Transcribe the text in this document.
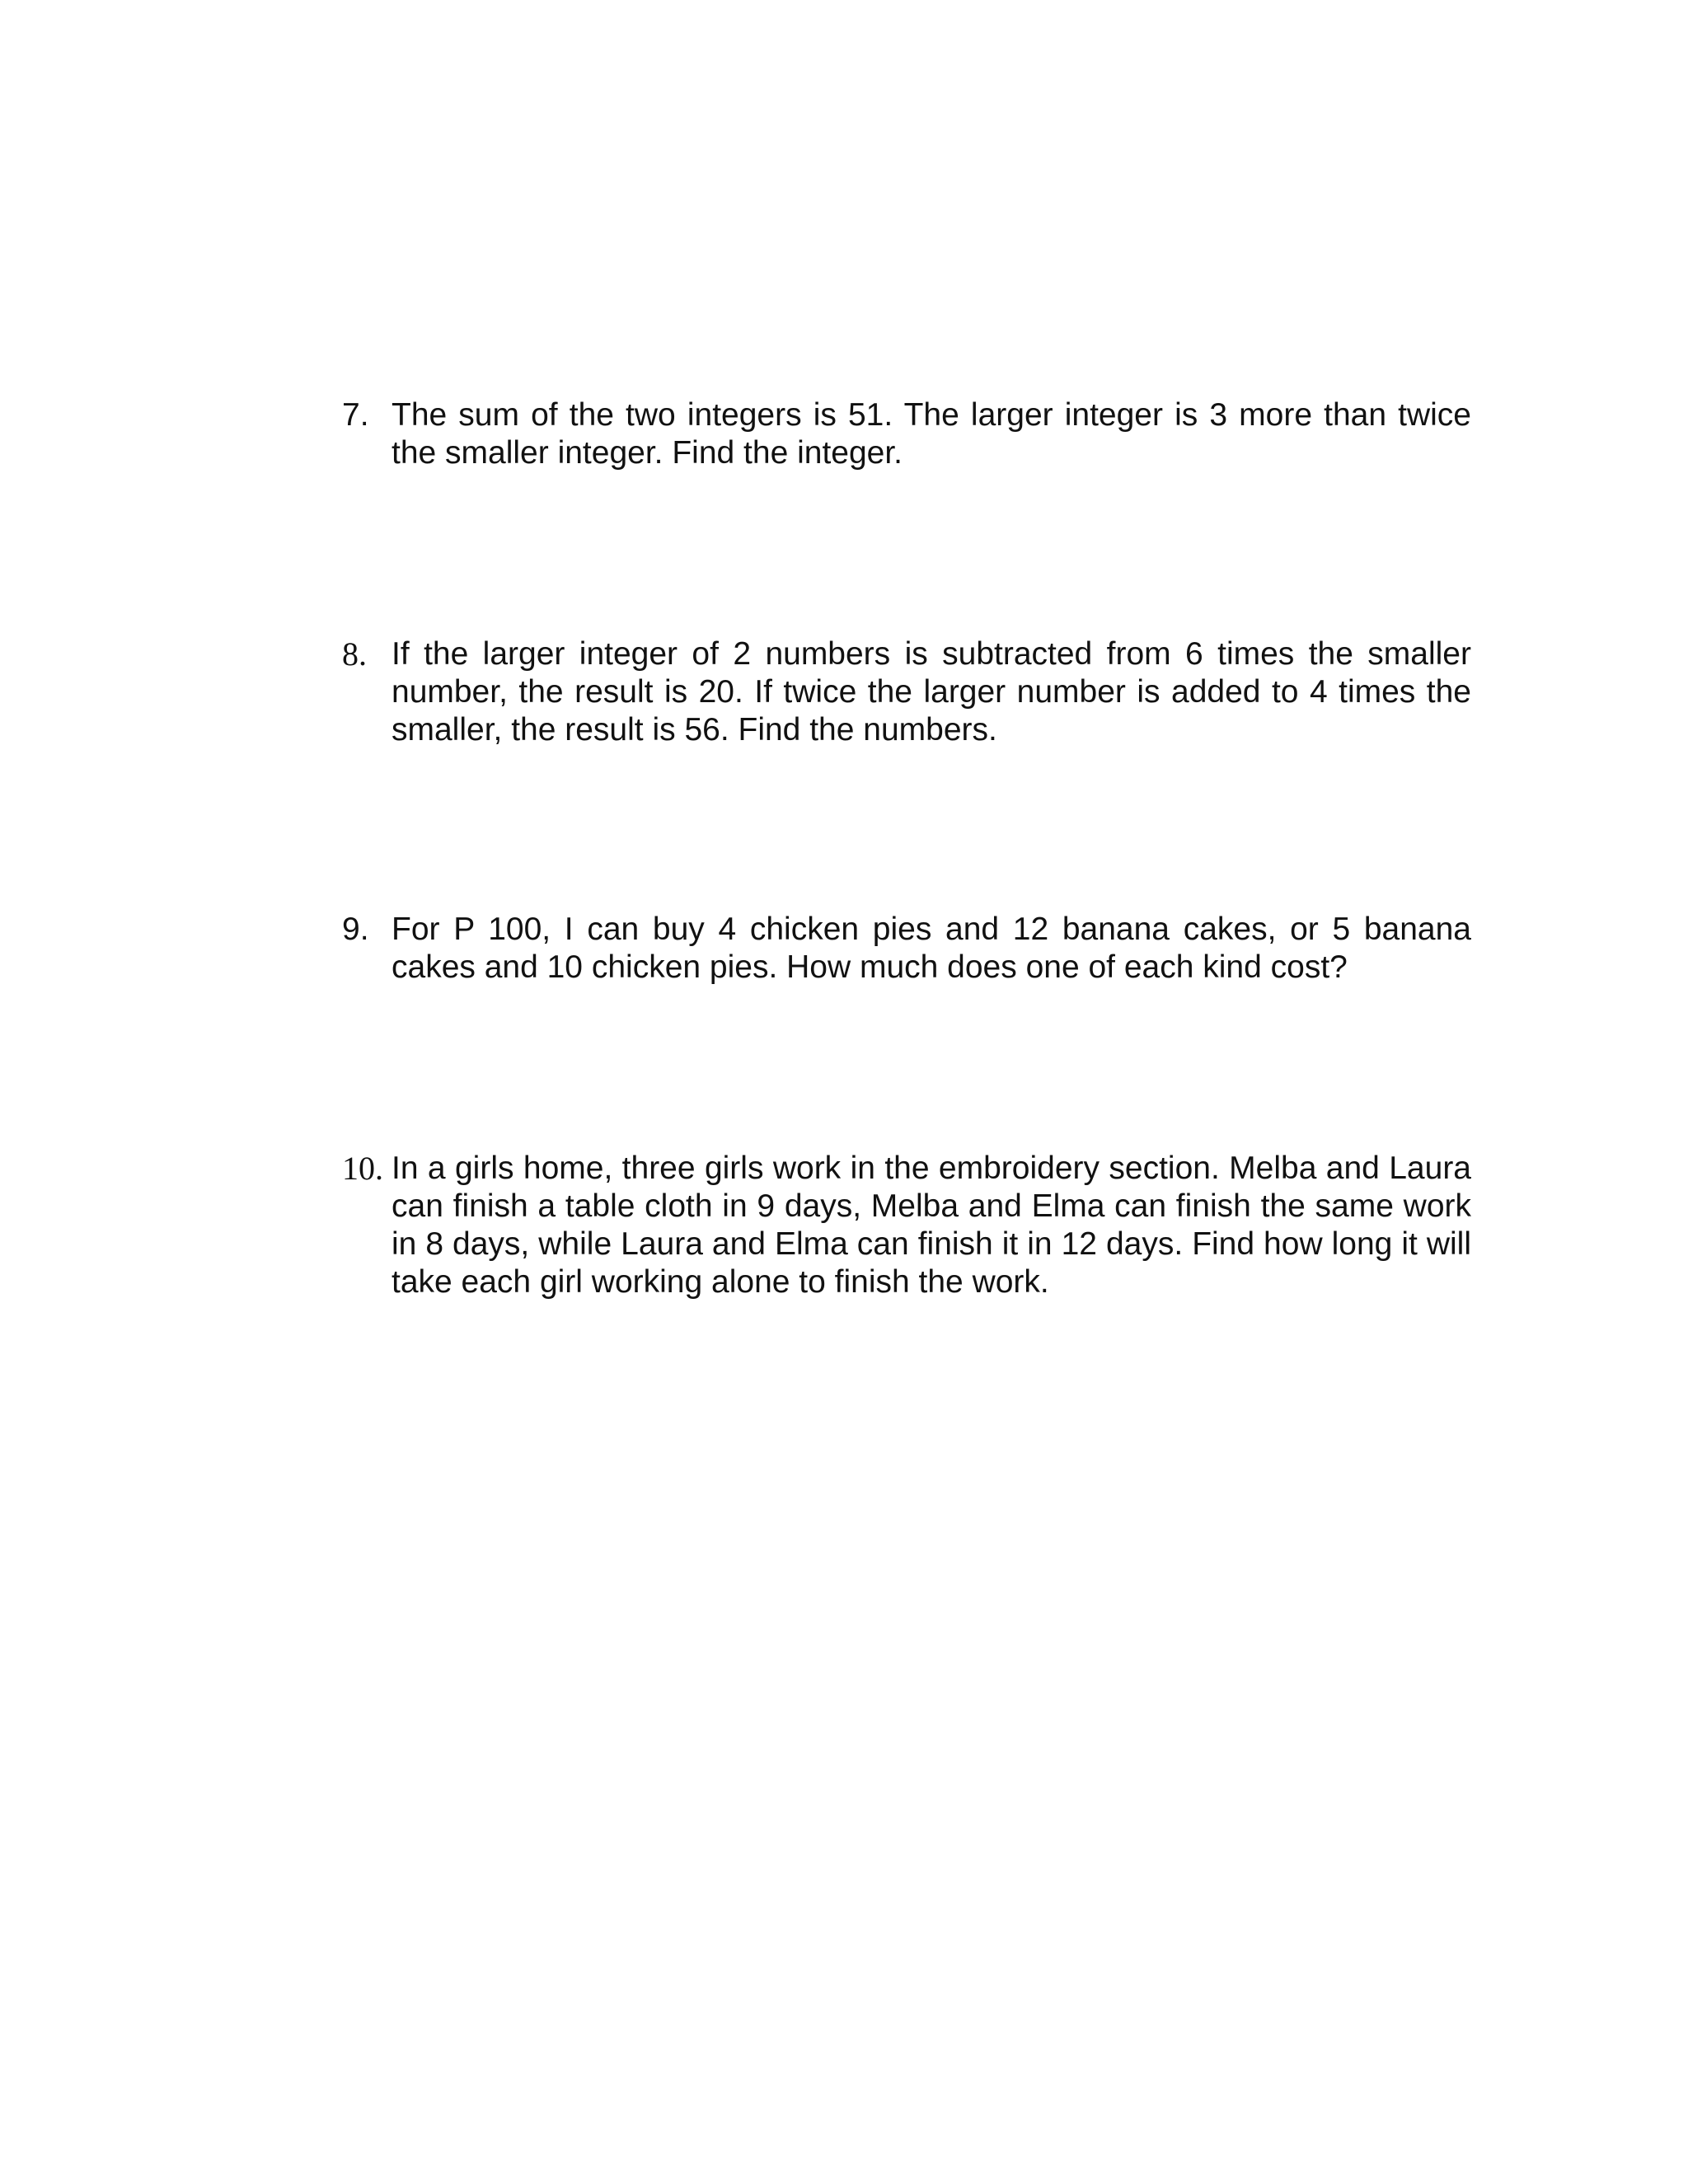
7. The sum of the two integers is 51. The larger integer is 3 more than twice the smaller integer. Find the integer.
8. If the larger integer of 2 numbers is subtracted from 6 times the smaller number, the result is 20. If twice the larger number is added to 4 times the smaller, the result is 56. Find the numbers.
9. For P 100, I can buy 4 chicken pies and 12 banana cakes, or 5 banana cakes and 10 chicken pies. How much does one of each kind cost?
10. In a girls home, three girls work in the embroidery section. Melba and Laura can finish a table cloth in 9 days, Melba and Elma can finish the same work in 8 days, while Laura and Elma can finish it in 12 days. Find how long it will take each girl working alone to finish the work.
